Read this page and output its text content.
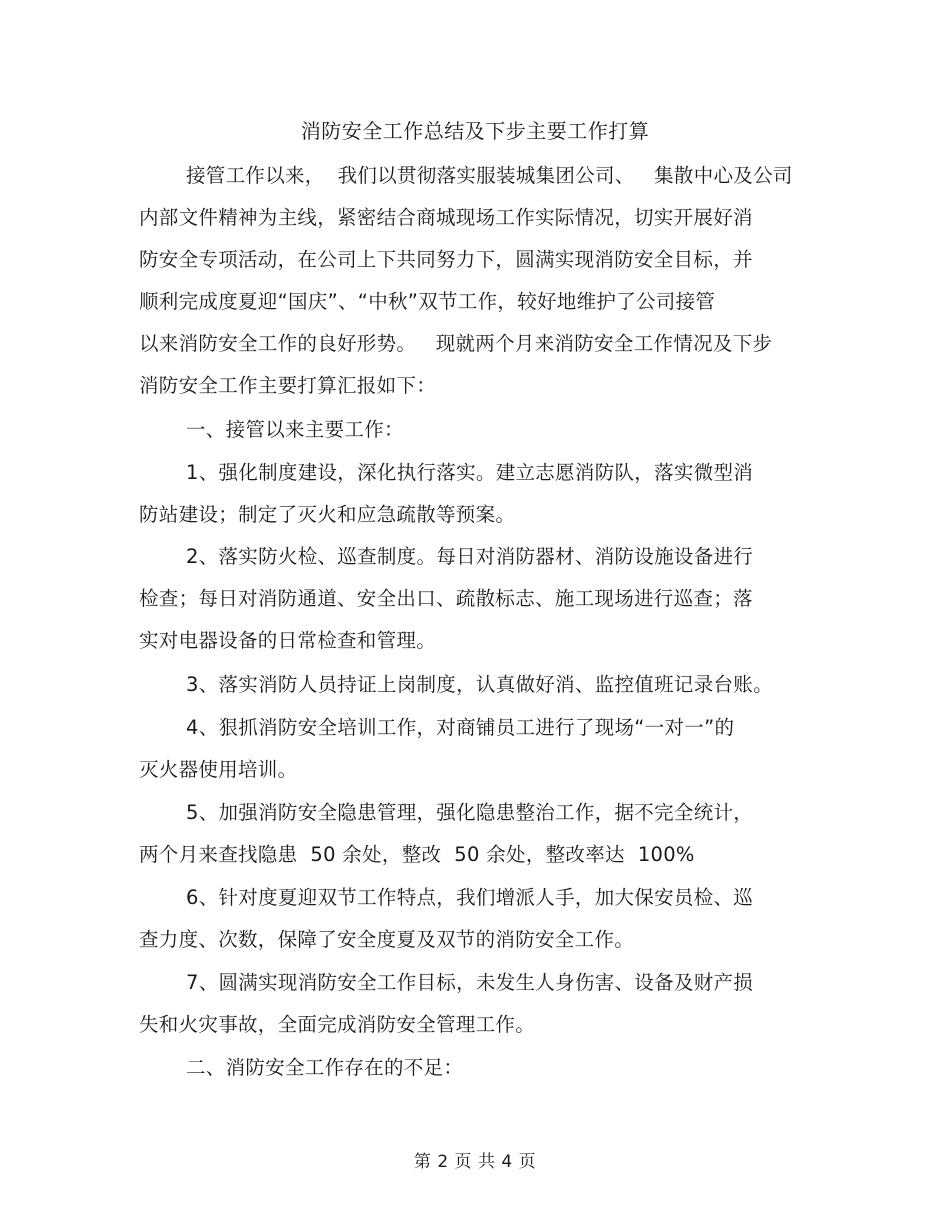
消防安全工作总结及下步主要工作打算
接管工作以来，  我们以贯彻落实服装城集团公司、   集散中心及公司
内部文件精神为主线，紧密结合商城现场工作实际情况，切实开展好消
防安全专项活动，在公司上下共同努力下，圆满实现消防安全目标，并
顺利完成度夏迎“国庆”、“中秋”双节工作，较好地维护了公司接管
以来消防安全工作的良好形势。   现就两个月来消防安全工作情况及下步
消防安全工作主要打算汇报如下：
一、接管以来主要工作：
1、强化制度建设，深化执行落实。建立志愿消防队，落实微型消
防站建设；制定了灭火和应急疏散等预案。
2、落实防火检、巡查制度。每日对消防器材、消防设施设备进行
检查；每日对消防通道、安全出口、疏散标志、施工现场进行巡查；落
实对电器设备的日常检查和管理。
3、落实消防人员持证上岗制度，认真做好消、监控值班记录台账。
4、狠抓消防安全培训工作，对商铺员工进行了现场“一对一”的
灭火器使用培训。
5、加强消防安全隐患管理，强化隐患整治工作，据不完全统计，
两个月来查找隐患  50 余处，整改  50 余处，整改率达  100%
6、针对度夏迎双节工作特点，我们增派人手，加大保安员检、巡
查力度、次数，保障了安全度夏及双节的消防安全工作。
7、圆满实现消防安全工作目标，未发生人身伤害、设备及财产损
失和火灾事故，全面完成消防安全管理工作。
二、消防安全工作存在的不足：
第 2 页 共 4 页
